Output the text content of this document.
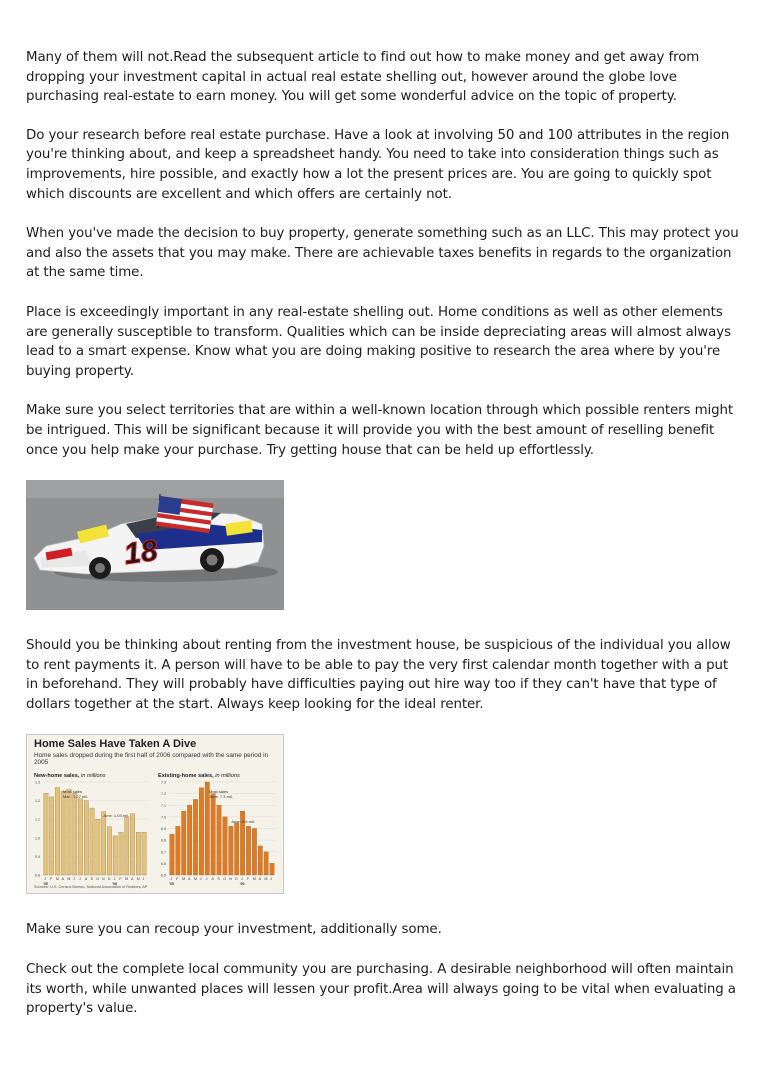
Many of them will not.Read the subsequent article to find out how to make money and get away from dropping your investment capital in actual real estate shelling out, however around the globe love purchasing real-estate to earn money. You will get some wonderful advice on the topic of property.

Do your research before real estate purchase. Have a look at involving 50 and 100 attributes in the region you're thinking about, and keep a spreadsheet handy. You need to take into consideration things such as improvements, hire possible, and exactly how a lot the present prices are. You are going to quickly spot which discounts are excellent and which offers are certainly not.

When you've made the decision to buy property, generate something such as an LLC. This may protect you and also the assets that you may make. There are achievable taxes benefits in regards to the organization at the same time.

Place is exceedingly important in any real-estate shelling out. Home conditions as well as other elements are generally susceptible to transform. Qualities which can be inside depreciating areas will almost always lead to a smart expense. Know what you are doing making positive to research the area where by you're buying property.

Make sure you select territories that are within a well-known location through which possible renters might be intrigued. This will be significant because it will provide you with the best amount of reselling benefit once you help make your purchase. Try getting house that can be held up effortlessly.

18

Should you be thinking about renting from the investment house, be suspicious of the individual you allow to rent payments it. A person will have to be able to pay the very first calendar month together with a put in beforehand. They will probably have difficulties paying out hire way too if they can't have that type of dollars together at the start. Always keep looking for the ideal renter.

Home Sales Have Taken A Dive
Home sales dropped during the first half of 2006 compared with the same period in 2005
New-home sales, in millions	Existing-home sales, in millions
1.3
1.2
1.1
1.0
0.9
0.8
J F M A M J J A S O N D J F M A M J
'05	'06
Most sales
Mar.: 1.27 mil.
June: 1.03 mil.
7.3
7.2
7.1
7.0
6.9
6.8
6.7
6.6
6.5
J F M A M J J A S O N D J F M A M J
'05	'06
Most sales
June: 7.3 mil.
June: 6.6 mil.
Sources: U.S. Census Bureau, National Association of Realtors; AP

Make sure you can recoup your investment, additionally some.

Check out the complete local community you are purchasing. A desirable neighborhood will often maintain its worth, while unwanted places will lessen your profit.Area will always going to be vital when evaluating a property's value.
